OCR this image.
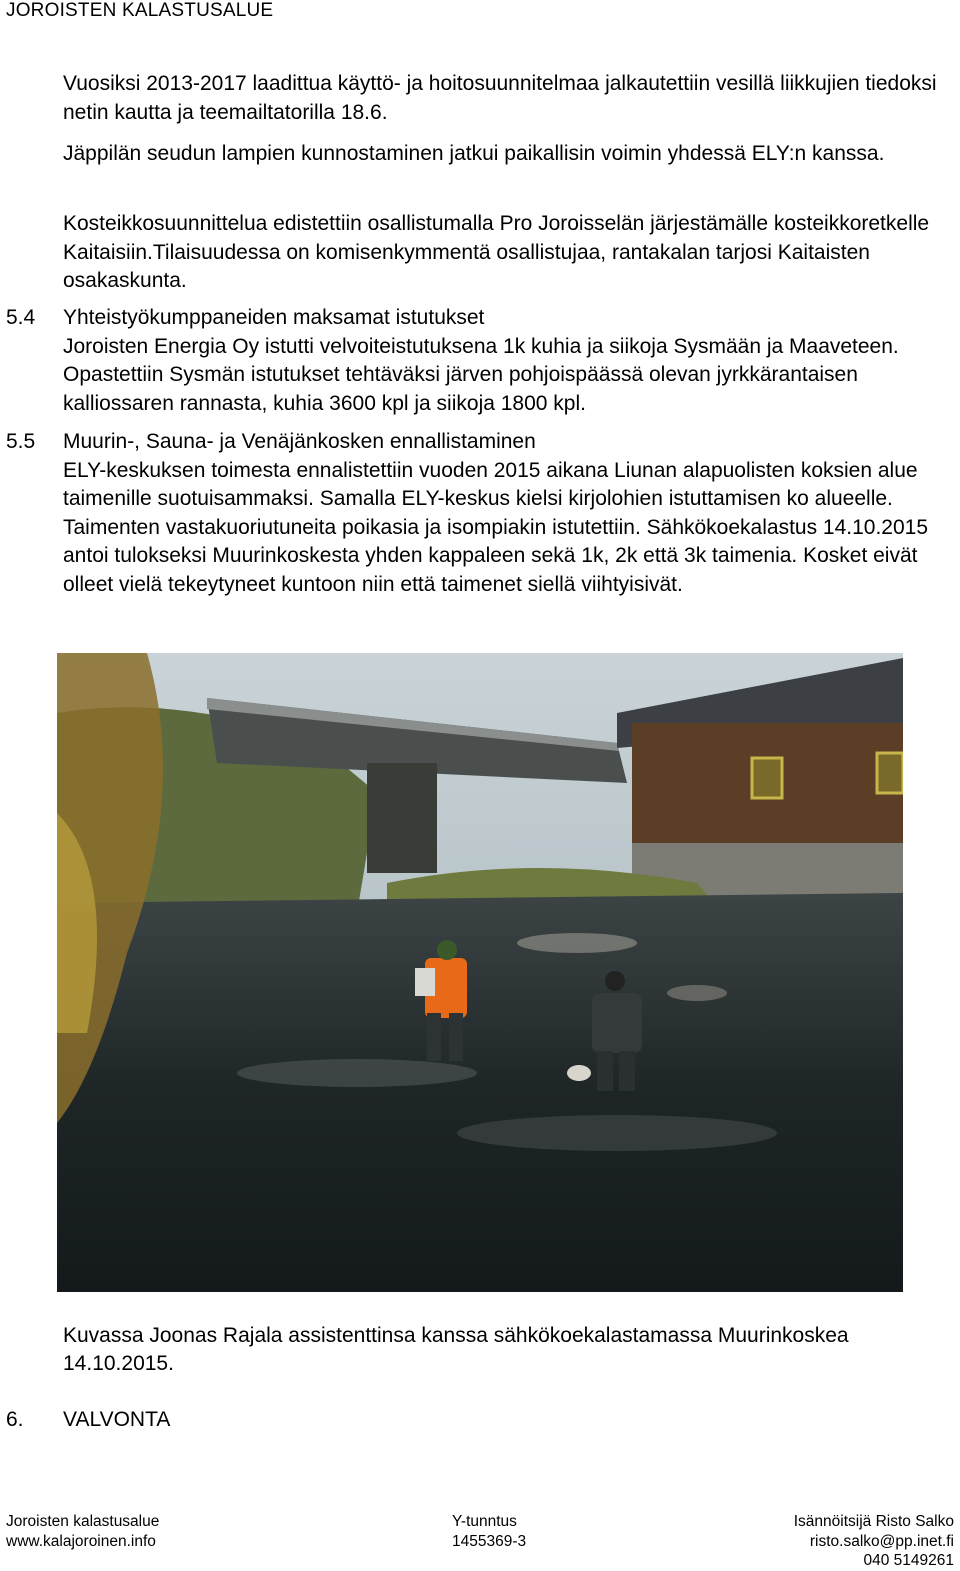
JOROISTEN KALASTUSALUE

Vuosiksi 2013-2017 laadittua käyttö- ja hoitosuunnitelmaa jalkautettiin vesillä liikkujien tiedoksi netin kautta ja teemailtatorilla 18.6.

Jäppilän seudun lampien kunnostaminen jatkui paikallisin voimin yhdessä ELY:n kanssa.

Kosteikkosuunnittelua edistettiin osallistumalla Pro Joroisselän järjestämälle kosteikkoretkelle Kaitaisiin.Tilaisuudessa on komisenkymmentä osallistujaa, rantakalan tarjosi Kaitaisten osakaskunta.

5.4 Yhteistyökumppaneiden maksamat istutukset
Joroisten Energia Oy istutti velvoiteistutuksena 1k kuhia ja siikoja Sysmään ja Maaveteen. Opastettiin Sysmän istutukset tehtäväksi järven pohjoispäässä olevan jyrkkärantaisen kalliossaren rannasta, kuhia 3600 kpl ja siikoja 1800 kpl.
5.5 Muurin-, Sauna- ja Venäjänkosken ennallistaminen
ELY-keskuksen toimesta ennalistettiin vuoden 2015 aikana Liunan alapuolisten koksien alue taimenille suotuisammaksi. Samalla ELY-keskus kielsi kirjolohien istuttamisen ko alueelle. Taimenten vastakuoriutuneita poikasia ja isompiakin istutettiin. Sähkökoekalastus 14.10.2015 antoi tulokseksi Muurinkoskesta yhden kappaleen sekä 1k, 2k että 3k taimenia. Kosket eivät olleet vielä tekeytyneet kuntoon niin että taimenet siellä viihtyisivät.
Kuvassa Joonas Rajala assistenttinsa kanssa sähkökoekalastamassa Muurinkoskea 14.10.2015.
6. VALVONTA
Joroisten kalastusalue
www.kalajoroinen.info
Y-tunntus
1455369-3
Isännöitsijä Risto Salko
risto.salko@pp.inet.fi
040 5149261
